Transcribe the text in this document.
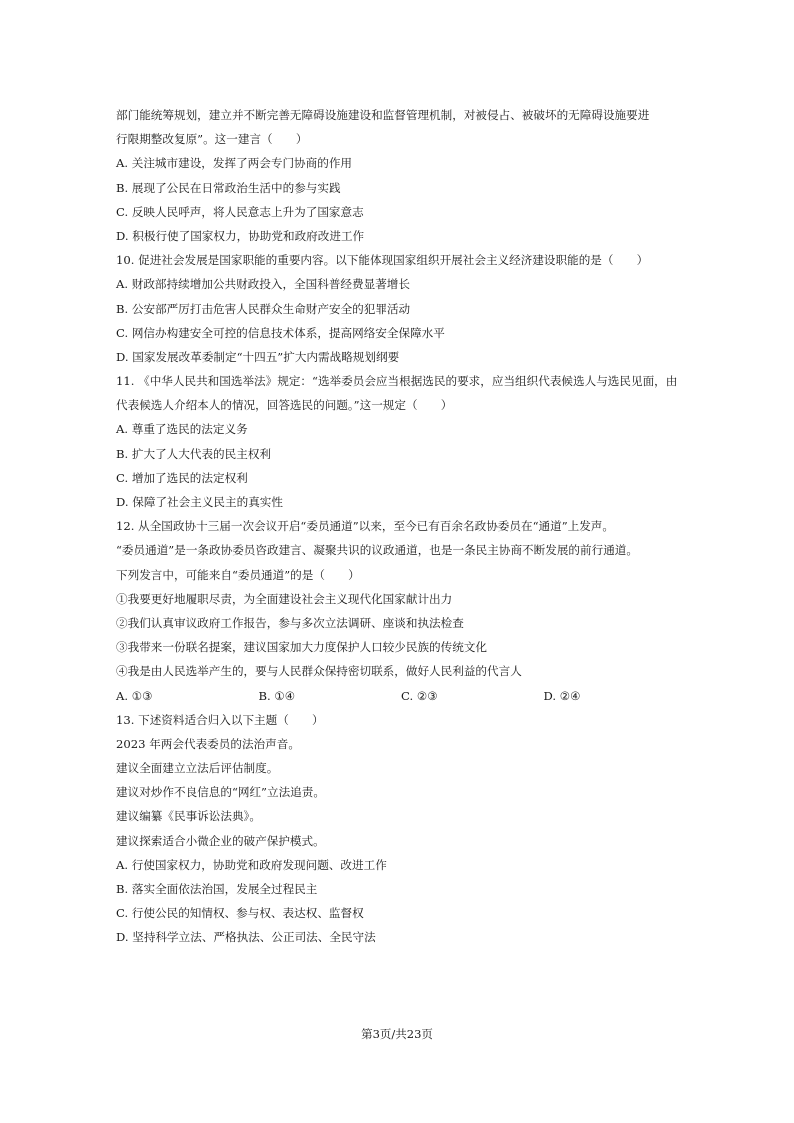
部门能统筹规划，建立并不断完善无障碍设施建设和监督管理机制，对被侵占、被破坏的无障碍设施要进
行限期整改复原”。这一建言（　　）
A. 关注城市建设，发挥了两会专门协商的作用
B. 展现了公民在日常政治生活中的参与实践
C. 反映人民呼声，将人民意志上升为了国家意志
D. 积极行使了国家权力，协助党和政府改进工作
10. 促进社会发展是国家职能的重要内容。以下能体现国家组织开展社会主义经济建设职能的是（　　）
A. 财政部持续增加公共财政投入，全国科普经费显著增长
B. 公安部严厉打击危害人民群众生命财产安全的犯罪活动
C. 网信办构建安全可控的信息技术体系，提高网络安全保障水平
D. 国家发展改革委制定“十四五”扩大内需战略规划纲要
11. 《中华人民共和国选举法》规定：“选举委员会应当根据选民的要求，应当组织代表候选人与选民见面，由
代表候选人介绍本人的情况，回答选民的问题。”这一规定（　　）
A. 尊重了选民的法定义务
B. 扩大了人大代表的民主权利
C. 增加了选民的法定权利
D. 保障了社会主义民主的真实性
12. 从全国政协十三届一次会议开启“委员通道”以来，至今已有百余名政协委员在“通道”上发声。
“委员通道”是一条政协委员咨政建言、凝聚共识的议政通道，也是一条民主协商不断发展的前行通道。
下列发言中，可能来自“委员通道”的是（　　）
①我要更好地履职尽责，为全面建设社会主义现代化国家献计出力
②我们认真审议政府工作报告，参与多次立法调研、座谈和执法检查
③我带来一份联名提案，建议国家加大力度保护人口较少民族的传统文化
④我是由人民选举产生的，要与人民群众保持密切联系，做好人民利益的代言人
A. ①③	B. ①④	C. ②③	D. ②④
13. 下述资料适合归入以下主题（　　）
2023 年两会代表委员的法治声音。
建议全面建立立法后评估制度。
建议对炒作不良信息的“网红”立法追责。
建议编纂《民事诉讼法典》。
建议探索适合小微企业的破产保护模式。
A. 行使国家权力，协助党和政府发现问题、改进工作
B. 落实全面依法治国，发展全过程民主
C. 行使公民的知情权、参与权、表达权、监督权
D. 坚持科学立法、严格执法、公正司法、全民守法
第3页/共23页
